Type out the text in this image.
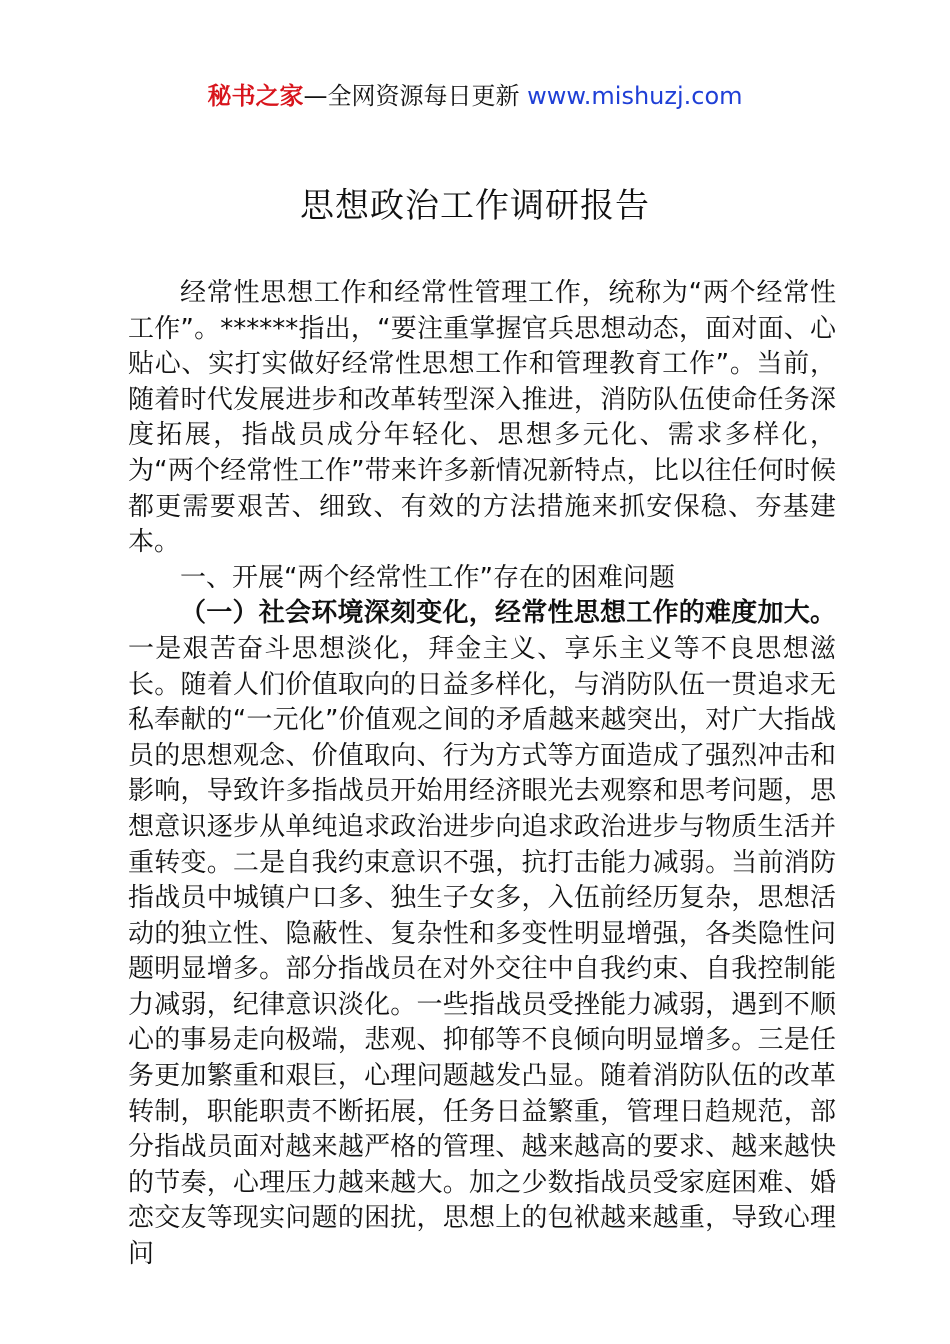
秘书之家—全网资源每日更新 www.mishuzj.com
思想政治工作调研报告

经常性思想工作和经常性管理工作，统称为“两个经常性工作”。******指出，“要注重掌握官兵思想动态，面对面、心贴心、实打实做好经常性思想工作和管理教育工作”。当前，随着时代发展进步和改革转型深入推进，消防队伍使命任务深度拓展，指战员成分年轻化、思想多元化、需求多样化，为“两个经常性工作”带来许多新情况新特点，比以往任何时候都更需要艰苦、细致、有效的方法措施来抓安保稳、夯基建本。

一、开展“两个经常性工作”存在的困难问题

（一）社会环境深刻变化，经常性思想工作的难度加大。一是艰苦奋斗思想淡化，拜金主义、享乐主义等不良思想滋长。随着人们价值取向的日益多样化，与消防队伍一贯追求无私奉献的“一元化”价值观之间的矛盾越来越突出，对广大指战员的思想观念、价值取向、行为方式等方面造成了强烈冲击和影响，导致许多指战员开始用经济眼光去观察和思考问题，思想意识逐步从单纯追求政治进步向追求政治进步与物质生活并重转变。二是自我约束意识不强，抗打击能力减弱。当前消防指战员中城镇户口多、独生子女多，入伍前经历复杂，思想活动的独立性、隐蔽性、复杂性和多变性明显增强，各类隐性问题明显增多。部分指战员在对外交往中自我约束、自我控制能力减弱，纪律意识淡化。一些指战员受挫能力减弱，遇到不顺心的事易走向极端，悲观、抑郁等不良倾向明显增多。三是任务更加繁重和艰巨，心理问题越发凸显。随着消防队伍的改革转制，职能职责不断拓展，任务日益繁重，管理日趋规范，部分指战员面对越来越严格的管理、越来越高的要求、越来越快的节奏，心理压力越来越大。加之少数指战员受家庭困难、婚恋交友等现实问题的困扰，思想上的包袱越来越重，导致心理问
